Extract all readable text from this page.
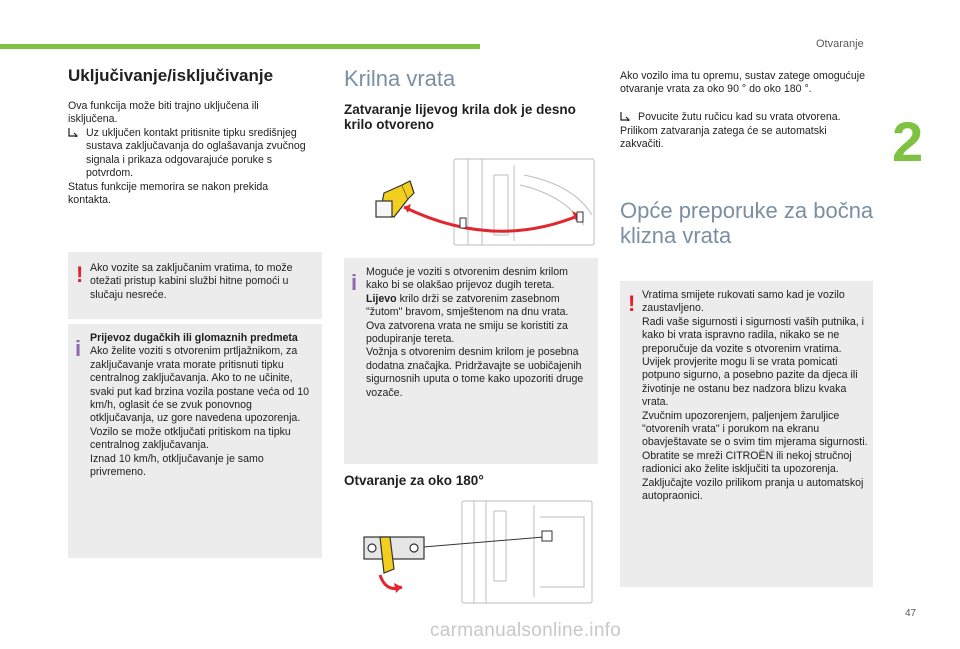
Otvaranje
2
47
carmanualsonline.info
Uključivanje/isključivanje
Ova funkcija može biti trajno uključena ili isključena.
Uz uključen kontakt pritisnite tipku središnjeg sustava zaključavanja do oglašavanja zvučnog signala i prikaza odgovarajuće poruke s potvrdom.
Status funkcije memorira se nakon prekida kontakta.
! Ako vozite sa zaključanim vratima, to može otežati pristup kabini službi hitne pomoći u slučaju nesreće.
i Prijevoz dugačkih ili glomaznih predmeta
Ako želite voziti s otvorenim prtljažnikom, za zaključavanje vrata morate pritisnuti tipku centralnog zaključavanja. Ako to ne učinite, svaki put kad brzina vozila postane veća od 10 km/h, oglasit će se zvuk ponovnog otključavanja, uz gore navedena upozorenja.
Vozilo se može otključati pritiskom na tipku centralnog zaključavanja.
Iznad 10 km/h, otključavanje je samo privremeno.
Krilna vrata
Zatvaranje lijevog krila dok je desno krilo otvoreno
i Moguće je voziti s otvorenim desnim krilom kako bi se olakšao prijevoz dugih tereta.
Lijevo krilo drži se zatvorenim zasebnom "žutom" bravom, smještenom na dnu vrata.
Ova zatvorena vrata ne smiju se koristiti za podupiranje tereta.
Vožnja s otvorenim desnim krilom je posebna dodatna značajka. Pridržavajte se uobičajenih sigurnosnih uputa o tome kako upozoriti druge vozače.
Otvaranje za oko 180°
Ako vozilo ima tu opremu, sustav zatege omogućuje otvaranje vrata za oko 90 ° do oko 180 °.
Povucite žutu ručicu kad su vrata otvorena.
Prilikom zatvaranja zatega će se automatski zakvačiti.
Opće preporuke za bočna klizna vrata
! Vratima smijete rukovati samo kad je vozilo zaustavljeno.
Radi vaše sigurnosti i sigurnosti vaših putnika, i kako bi vrata ispravno radila, nikako se ne preporučuje da vozite s otvorenim vratima.
Uvijek provjerite mogu li se vrata pomicati potpuno sigurno, a posebno pazite da djeca ili životinje ne ostanu bez nadzora blizu kvaka vrata.
Zvučnim upozorenjem, paljenjem žaruljice "otvorenih vrata" i porukom na ekranu obavještavate se o svim tim mjerama sigurnosti. Obratite se mreži CITROËN ili nekoj stručnoj radionici ako želite isključiti ta upozorenja.
Zaključajte vozilo prilikom pranja u automatskoj autopraonici.
